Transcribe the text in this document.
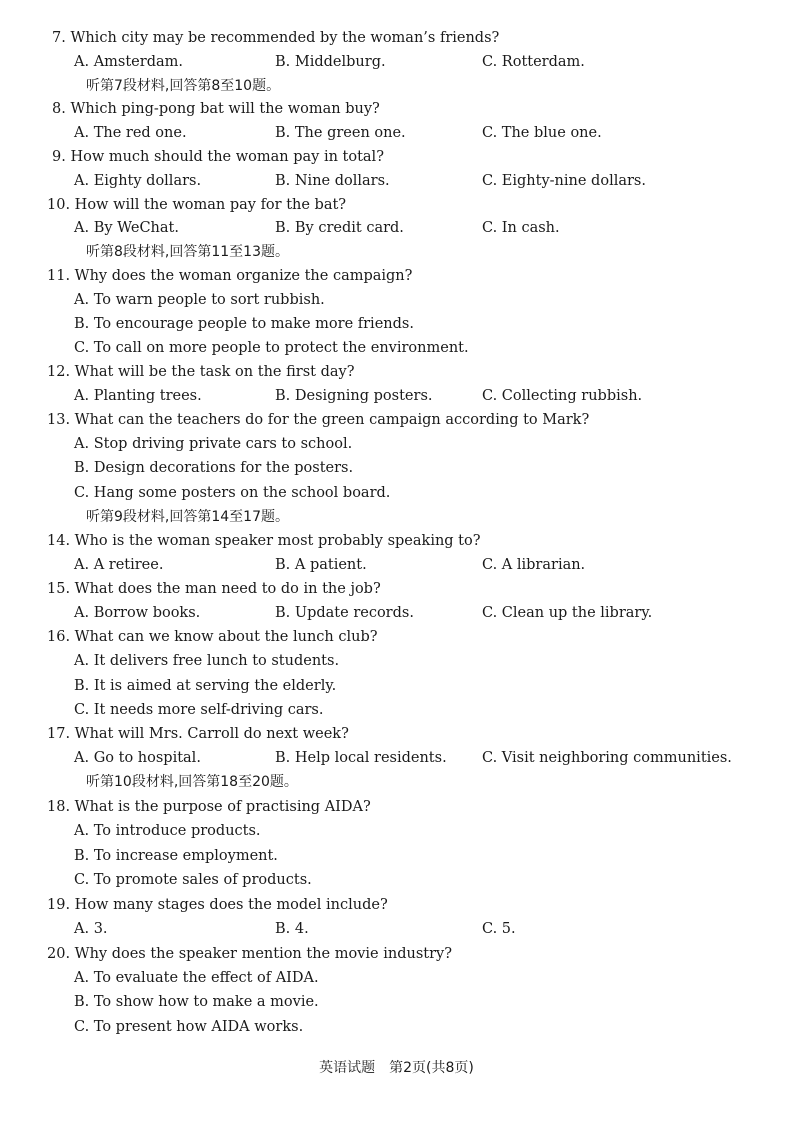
7. Which city may be recommended by the woman’s friends?
A. Amsterdam.	B. Middelburg.	C. Rotterdam.
听第7段材料,回答第8至10题。
8. Which ping-pong bat will the woman buy?
A. The red one.	B. The green one.	C. The blue one.
9. How much should the woman pay in total?
A. Eighty dollars.	B. Nine dollars.	C. Eighty-nine dollars.
10. How will the woman pay for the bat?
A. By WeChat.	B. By credit card.	C. In cash.
听第8段材料,回答第11至13题。
11. Why does the woman organize the campaign?
A. To warn people to sort rubbish.
B. To encourage people to make more friends.
C. To call on more people to protect the environment.
12. What will be the task on the first day?
A. Planting trees.	B. Designing posters.	C. Collecting rubbish.
13. What can the teachers do for the green campaign according to Mark?
A. Stop driving private cars to school.
B. Design decorations for the posters.
C. Hang some posters on the school board.
听第9段材料,回答第14至17题。
14. Who is the woman speaker most probably speaking to?
A. A retiree.	B. A patient.	C. A librarian.
15. What does the man need to do in the job?
A. Borrow books.	B. Update records.	C. Clean up the library.
16. What can we know about the lunch club?
A. It delivers free lunch to students.
B. It is aimed at serving the elderly.
C. It needs more self-driving cars.
17. What will Mrs. Carroll do next week?
A. Go to hospital.	B. Help local residents. C. Visit neighboring communities.
听第10段材料,回答第18至20题。
18. What is the purpose of practising AIDA?
A. To introduce products.
B. To increase employment.
C. To promote sales of products.
19. How many stages does the model include?
A. 3.	B. 4.	C. 5.
20. Why does the speaker mention the movie industry?
A. To evaluate the effect of AIDA.
B. To show how to make a movie.
C. To present how AIDA works.
英语试题　第2页(共8页)
